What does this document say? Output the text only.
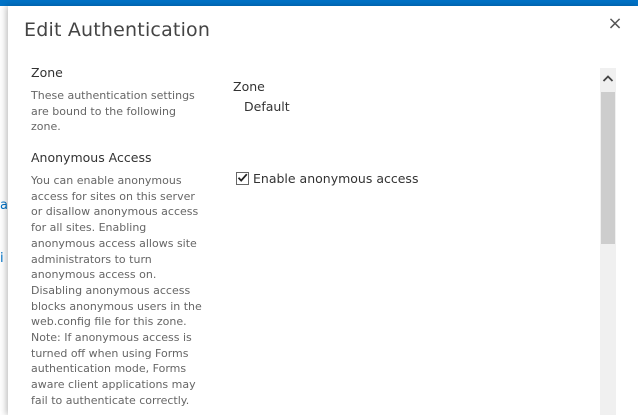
a
i
Edit Authentication	×
Zone

These authentication settings are bound to the following zone.

Zone
Default
Anonymous Access

You can enable anonymous access for sites on this server or disallow anonymous access for all sites. Enabling anonymous access allows site administrators to turn anonymous access on. Disabling anonymous access blocks anonymous users in the web.config file for this zone. Note: If anonymous access is turned off when using Forms authentication mode, Forms aware client applications may fail to authenticate correctly.

Enable anonymous access
